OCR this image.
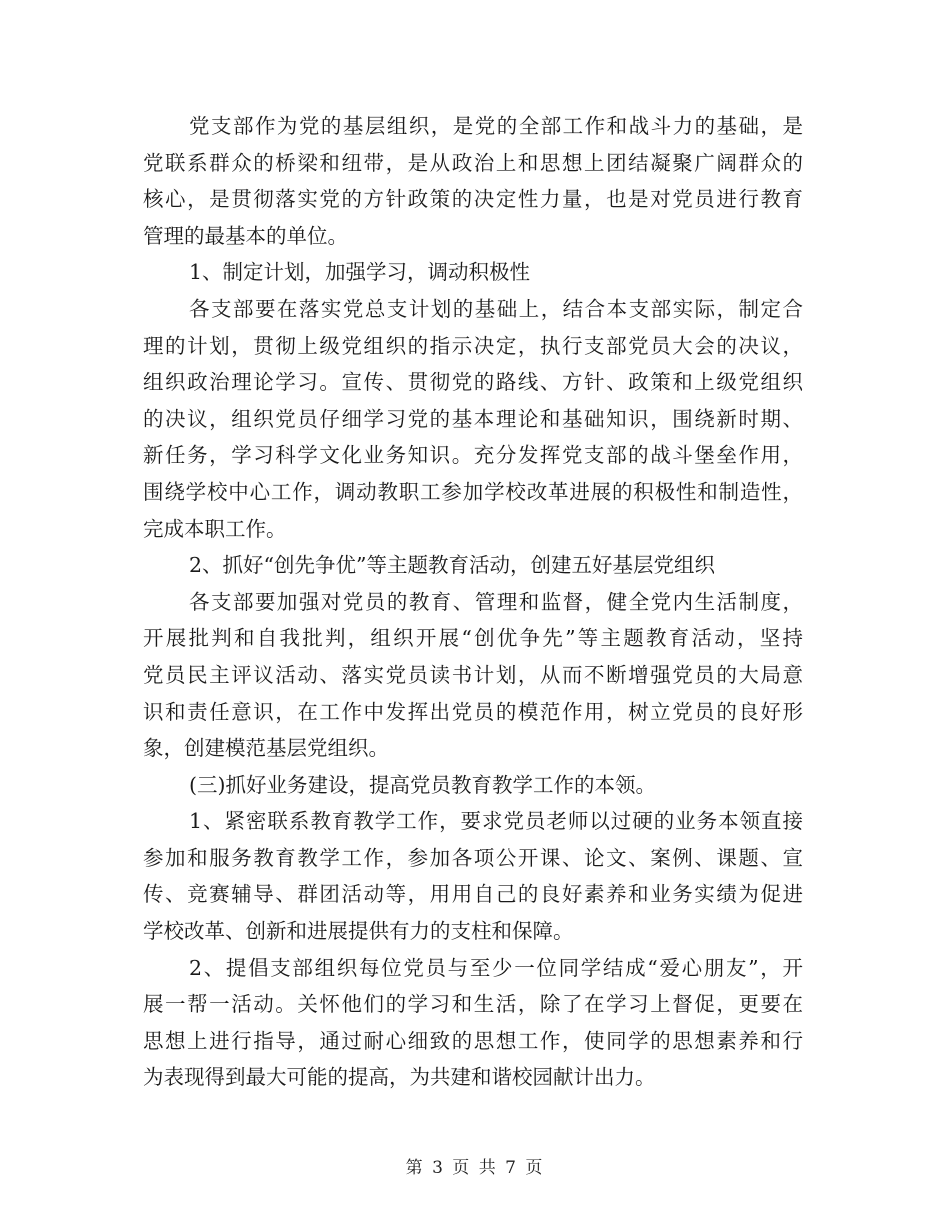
党支部作为党的基层组织，是党的全部工作和战斗力的基础，是
党联系群众的桥梁和纽带，是从政治上和思想上团结凝聚广阔群众的
核心，是贯彻落实党的方针政策的决定性力量，也是对党员进行教育
管理的最基本的单位。

1、制定计划，加强学习，调动积极性

各支部要在落实党总支计划的基础上，结合本支部实际，制定合
理的计划，贯彻上级党组织的指示决定，执行支部党员大会的决议，
组织政治理论学习。宣传、贯彻党的路线、方针、政策和上级党组织
的决议，组织党员仔细学习党的基本理论和基础知识，围绕新时期、
新任务，学习科学文化业务知识。充分发挥党支部的战斗堡垒作用，
围绕学校中心工作，调动教职工参加学校改革进展的积极性和制造性，
完成本职工作。

2、抓好“创先争优”等主题教育活动，创建五好基层党组织

各支部要加强对党员的教育、管理和监督，健全党内生活制度，
开展批判和自我批判，组织开展“创优争先”等主题教育活动，坚持
党员民主评议活动、落实党员读书计划，从而不断增强党员的大局意
识和责任意识，在工作中发挥出党员的模范作用，树立党员的良好形
象，创建模范基层党组织。

(三)抓好业务建设，提高党员教育教学工作的本领。

1、紧密联系教育教学工作，要求党员老师以过硬的业务本领直接
参加和服务教育教学工作，参加各项公开课、论文、案例、课题、宣
传、竞赛辅导、群团活动等，用用自己的良好素养和业务实绩为促进
学校改革、创新和进展提供有力的支柱和保障。

2、提倡支部组织每位党员与至少一位同学结成“爱心朋友”，开
展一帮一活动。关怀他们的学习和生活，除了在学习上督促，更要在
思想上进行指导，通过耐心细致的思想工作，使同学的思想素养和行
为表现得到最大可能的提高，为共建和谐校园献计出力。

第 3 页 共 7 页
